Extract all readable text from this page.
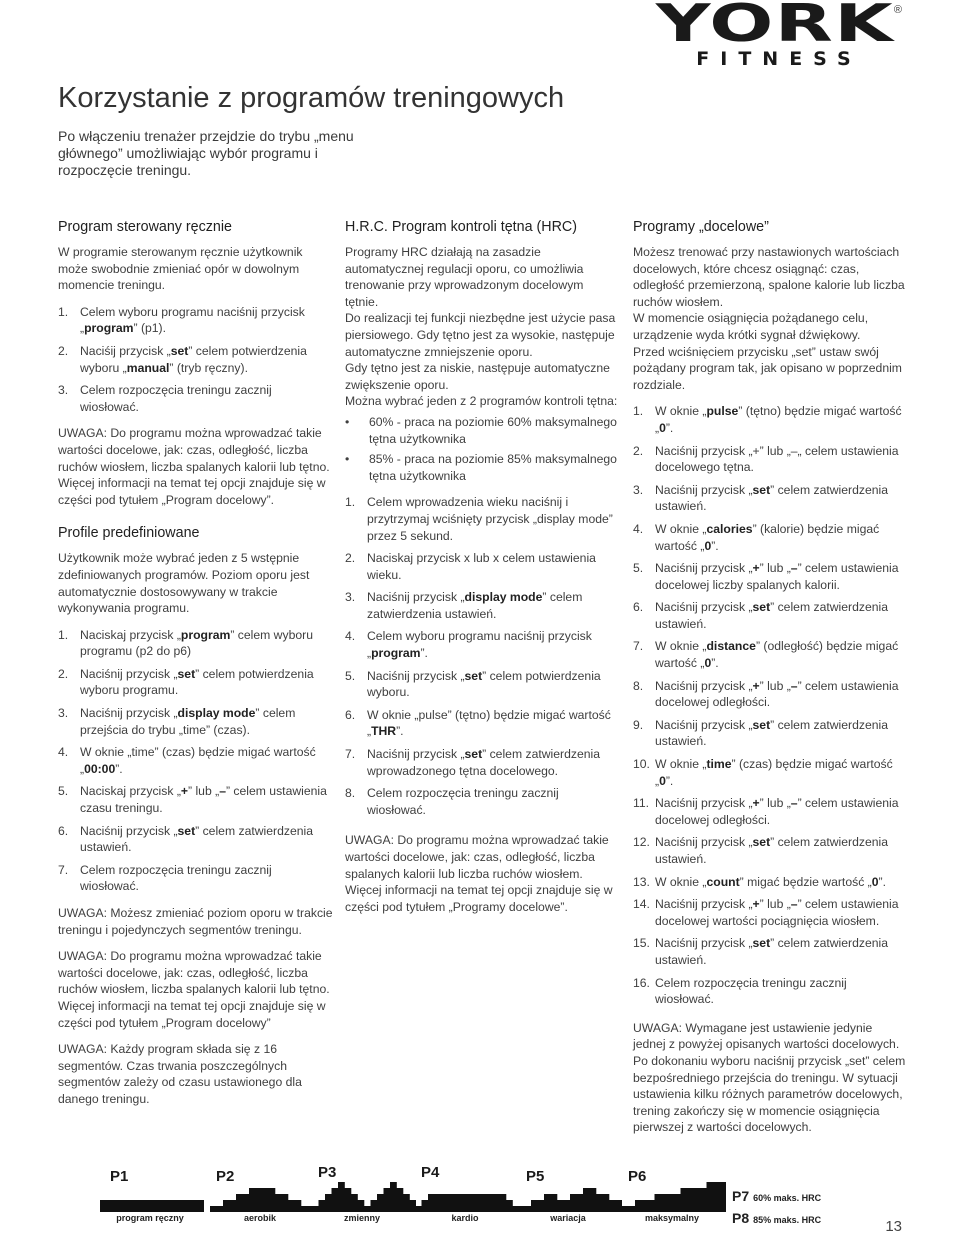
YORK
FITNESS
®
Korzystanie z programów treningowych

Po włączeniu trenażer przejdzie do trybu „menu głównego” umożliwiając wybór programu i rozpoczęcie treningu.

Program sterowany ręcznie

W programie sterowanym ręcznie użytkownik może swobodnie zmieniać opór w dowolnym momencie treningu.

1. Celem wyboru programu naciśnij przycisk „program” (p1).
2. Naciśij przycisk „set” celem potwierdzenia wyboru „manual” (tryb ręczny).
3. Celem rozpoczęcia treningu zacznij wiosłować.

UWAGA: Do programu można wprowadzać takie wartości docelowe, jak: czas, odległość, liczba ruchów wiosłem, liczba spalanych kalorii lub tętno. Więcej informacji na temat tej opcji znajduje się w części pod tytułem „Program docelowy”.

Profile predefiniowane

Użytkownik może wybrać jeden z 5 wstępnie zdefiniowanych programów. Poziom oporu jest automatycznie dostosowywany w trakcie wykonywania programu.

1. Naciskaj przycisk „program” celem wyboru programu (p2 do p6)
2. Naciśnij przycisk „set” celem potwierdzenia wyboru programu.
3. Naciśnij przycisk „display mode” celem przejścia do trybu „time” (czas).
4. W oknie „time” (czas) będzie migać wartość „00:00”.
5. Naciskaj przycisk „+” lub „–” celem ustawienia czasu treningu.
6. Naciśnij przycisk „set” celem zatwierdzenia ustawień.
7. Celem rozpoczęcia treningu zacznij wiosłować.

UWAGA: Możesz zmieniać poziom oporu w trakcie treningu i pojedynczych segmentów treningu.

UWAGA: Do programu można wprowadzać takie wartości docelowe, jak: czas, odległość, liczba ruchów wiosłem, liczba spalanych kalorii lub tętno. Więcej informacji na temat tej opcji znajduje się w części pod tytułem „Program docelowy”

UWAGA: Każdy program składa się z 16 segmentów. Czas trwania poszczególnych segmentów zależy od czasu ustawionego dla danego treningu.

H.R.C. Program kontroli tętna (HRC)

Programy HRC działają na zasadzie automatycznej regulacji oporu, co umożliwia trenowanie przy wprowadzonym docelowym tętnie.

Do realizacji tej funkcji niezbędne jest użycie pasa piersiowego. Gdy tętno jest za wysokie, następuje automatyczne zmniejszenie oporu.

Gdy tętno jest za niskie, następuje automatyczne zwiększenie oporu.

Można wybrać jeden z 2 programów kontroli tętna:

•	60% - praca na poziomie 60% maksymalnego tętna użytkownika
•	85% - praca na poziomie 85% maksymalnego tętna użytkownika
1. Celem wprowadzenia wieku naciśnij i przytrzymaj wciśnięty przycisk „display mode” przez 5 sekund.
2. Naciskaj przycisk x lub x celem ustawienia wieku.
3. Naciśnij przycisk „display mode” celem zatwierdzenia ustawień.
4. Celem wyboru programu naciśnij przycisk „program”.
5. Naciśnij przycisk „set” celem potwierdzenia wyboru.
6. W oknie „pulse” (tętno) będzie migać wartość „THR”.
7. Naciśnij przycisk „set” celem zatwierdzenia wprowadzonego tętna docelowego.
8. Celem rozpoczęcia treningu zacznij wiosłować.

UWAGA: Do programu można wprowadzać takie wartości docelowe, jak: czas, odległość, liczba spalanych kalorii lub liczba ruchów wiosłem. Więcej informacji na temat tej opcji znajduje się w części pod tytułem „Programy docelowe”.

Programy „docelowe”

Możesz trenować przy nastawionych wartościach docelowych, które chcesz osiągnąć: czas, odległość przemierzoną, spalone kalorie lub liczba ruchów wiosłem.

W momencie osiągnięcia pożądanego celu, urządzenie wyda krótki sygnał dźwiękowy.

Przed wciśnięciem przycisku „set” ustaw swój pożądany program tak, jak opisano w poprzednim rozdziale.

1. W oknie „pulse” (tętno) będzie migać wartość „0”.
2. Naciśnij przycisk „+” lub „–„ celem ustawienia docelowego tętna.
3. Naciśnij przycisk „set” celem zatwierdzenia ustawień.
4. W oknie „calories” (kalorie) będzie migać wartość „0”.
5. Naciśnij przycisk „+” lub „–” celem ustawienia docelowej liczby spalanych kalorii.
6. Naciśnij przycisk „set” celem zatwierdzenia ustawień.
7. W oknie „distance” (odległość) będzie migać wartość „0”.
8. Naciśnij przycisk „+” lub „–” celem ustawienia docelowej odległości.
9. Naciśnij przycisk „set” celem zatwierdzenia ustawień.
10. W oknie „time” (czas) będzie migać wartość „0”.
11. Naciśnij przycisk „+” lub „–” celem ustawienia docelowej odległości.
12. Naciśnij przycisk „set” celem zatwierdzenia ustawień.
13. W oknie „count” migać będzie wartość „0”.
14. Naciśnij przycisk „+” lub „–” celem ustawienia docelowej wartości pociągnięcia wiosłem.
15. Naciśnij przycisk „set” celem zatwierdzenia ustawień.
16. Celem rozpoczęcia treningu zacznij wiosłować.

UWAGA: Wymagane jest ustawienie jedynie jednej z powyżej opisanych wartości docelowych. Po dokonaniu wyboru naciśnij przycisk „set” celem bezpośredniego przejścia do treningu. W sytuacji ustawienia kilku różnych parametrów docelowych, trening zakończy się w momencie osiągnięcia pierwszej z wartości docelowych.

P1
program ręczny
P2
aerobik
P3
zmienny
P4
kardio
P5
wariacja
P6
maksymalny
P7 60% maks. HRC
P8 85% maks. HRC	13
